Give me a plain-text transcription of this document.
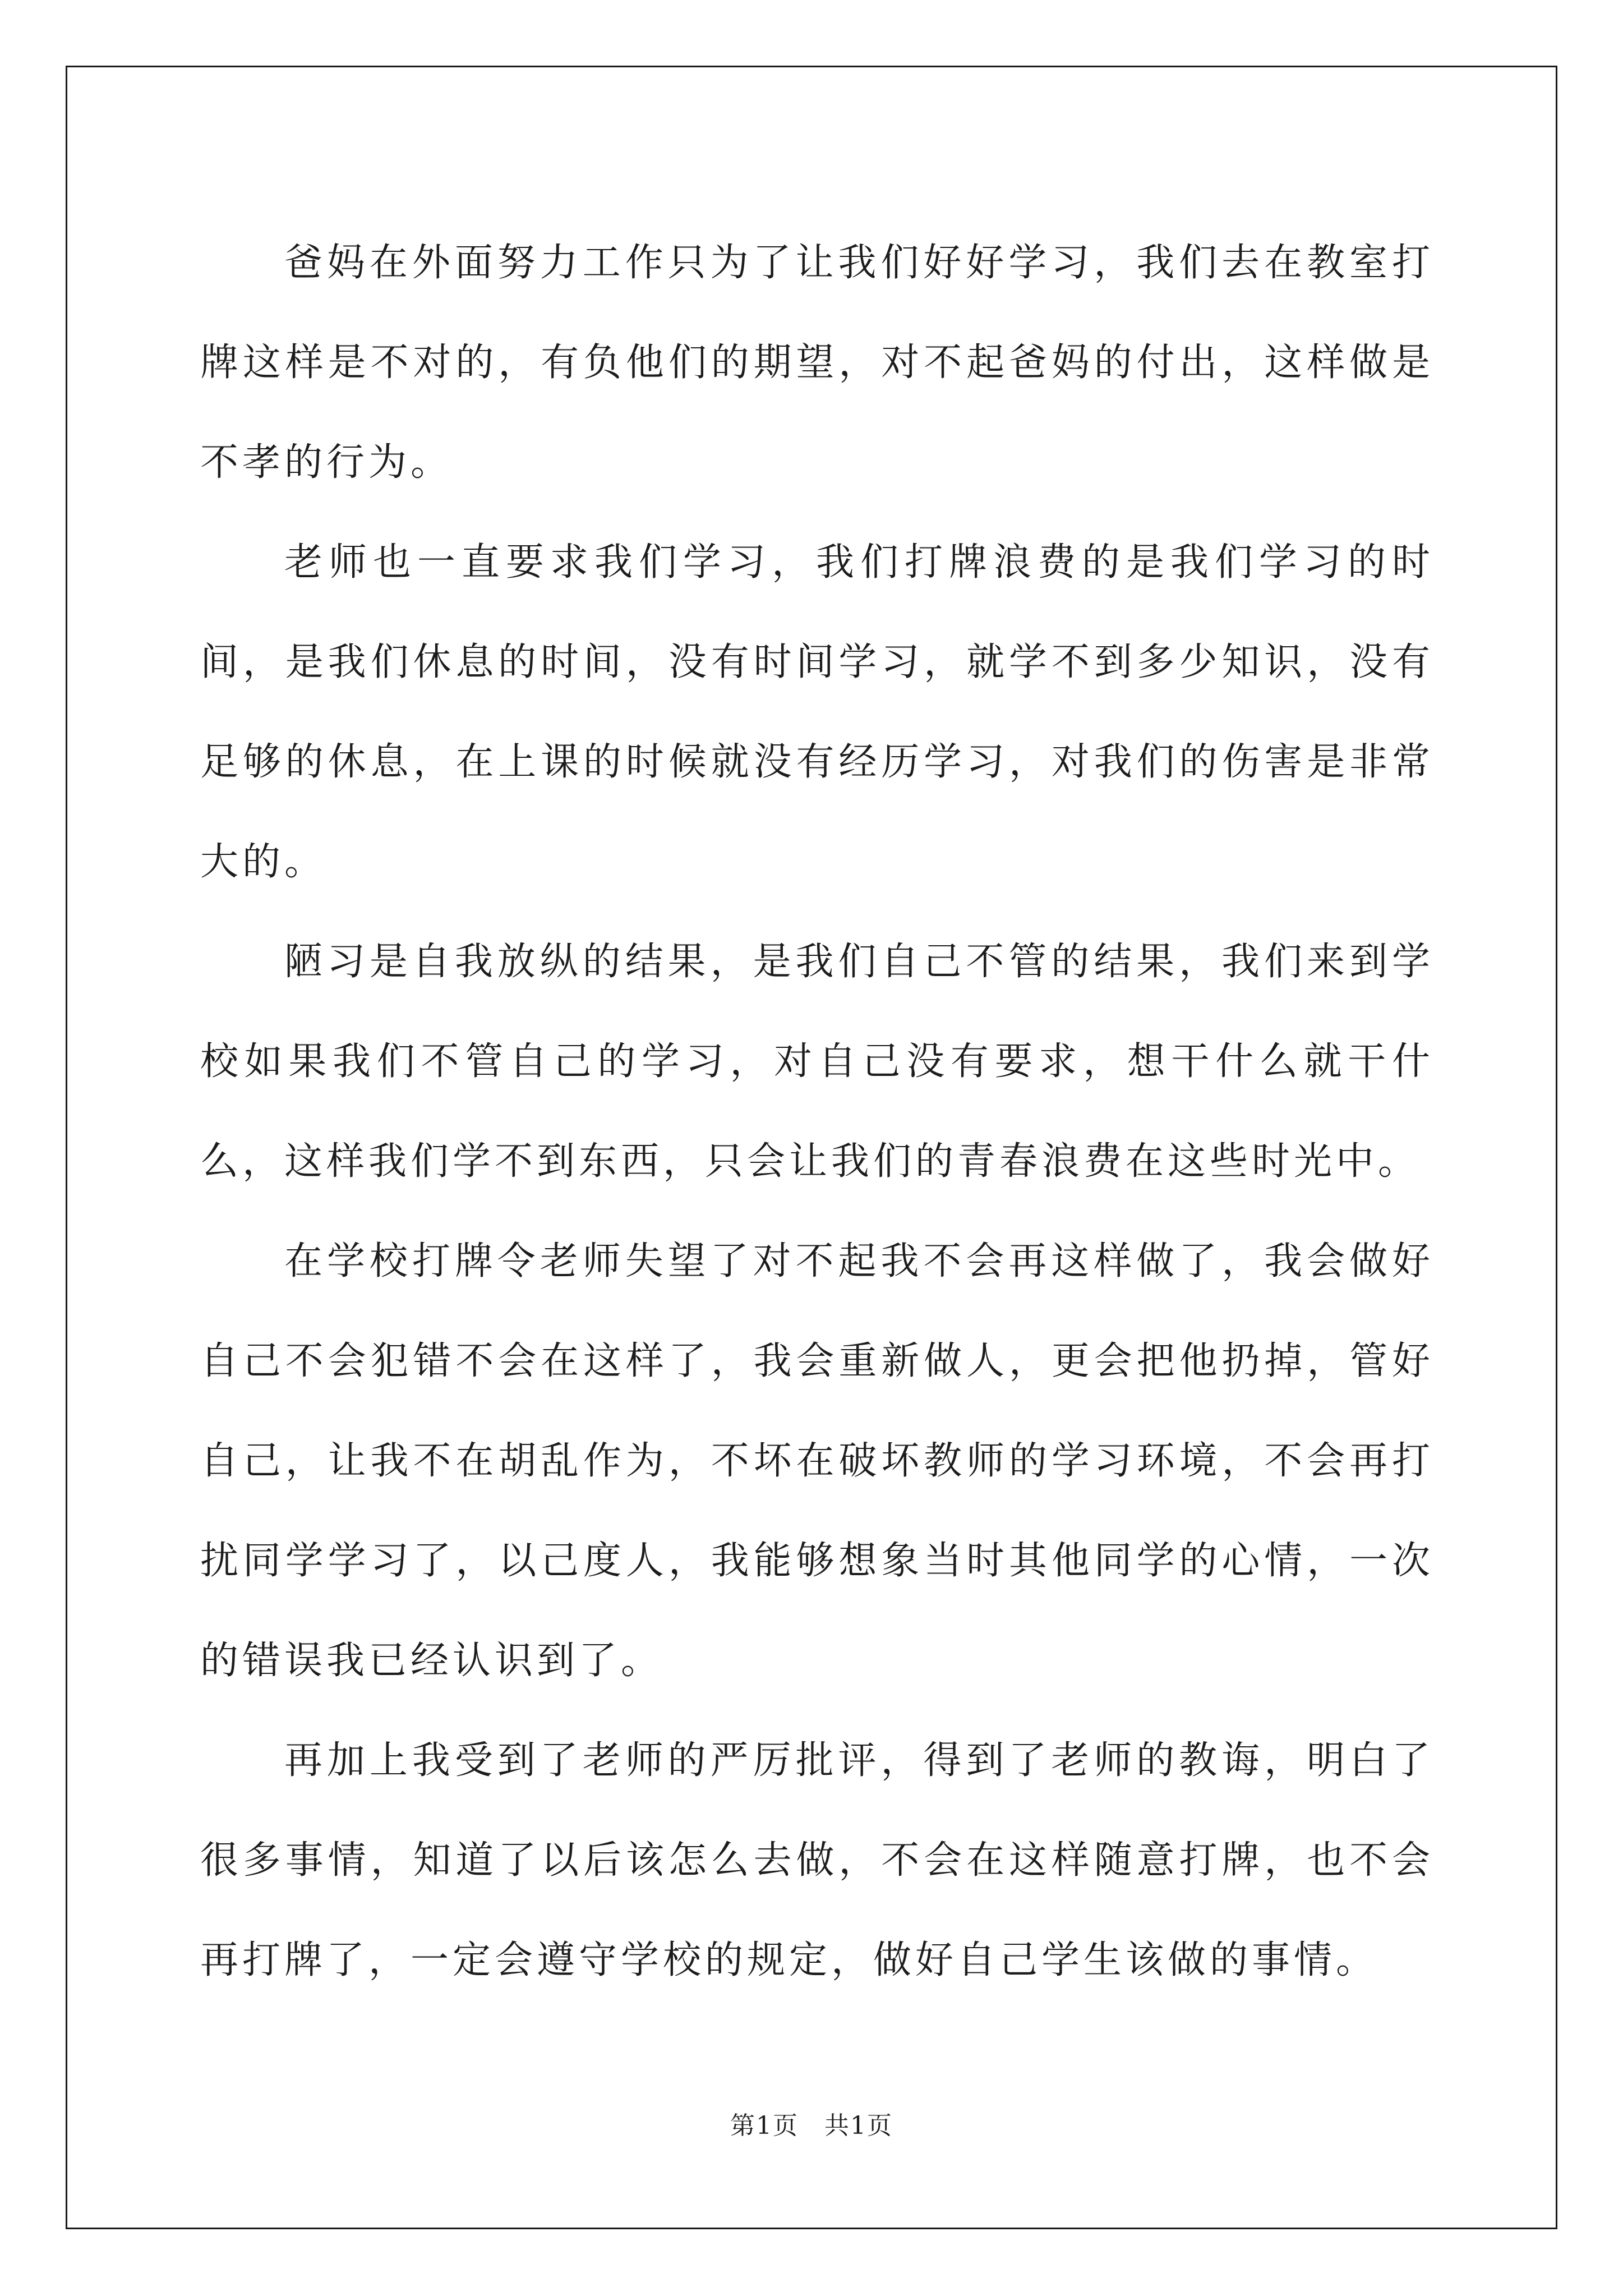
爸妈在外面努力工作只为了让我们好好学习，我们去在教室打牌这样是不对的，有负他们的期望，对不起爸妈的付出，这样做是不孝的行为。

老师也一直要求我们学习，我们打牌浪费的是我们学习的时间，是我们休息的时间，没有时间学习，就学不到多少知识，没有足够的休息，在上课的时候就没有经历学习，对我们的伤害是非常大的。

陋习是自我放纵的结果，是我们自己不管的结果，我们来到学校如果我们不管自己的学习，对自己没有要求，想干什么就干什么，这样我们学不到东西，只会让我们的青春浪费在这些时光中。

在学校打牌令老师失望了对不起我不会再这样做了，我会做好自己不会犯错不会在这样了，我会重新做人，更会把他扔掉，管好自己，让我不在胡乱作为，不坏在破坏教师的学习环境，不会再打扰同学学习了，以己度人，我能够想象当时其他同学的心情，一次的错误我已经认识到了。

再加上我受到了老师的严厉批评，得到了老师的教诲，明白了很多事情，知道了以后该怎么去做，不会在这样随意打牌，也不会再打牌了，一定会遵守学校的规定，做好自己学生该做的事情。

第1页　共1页
